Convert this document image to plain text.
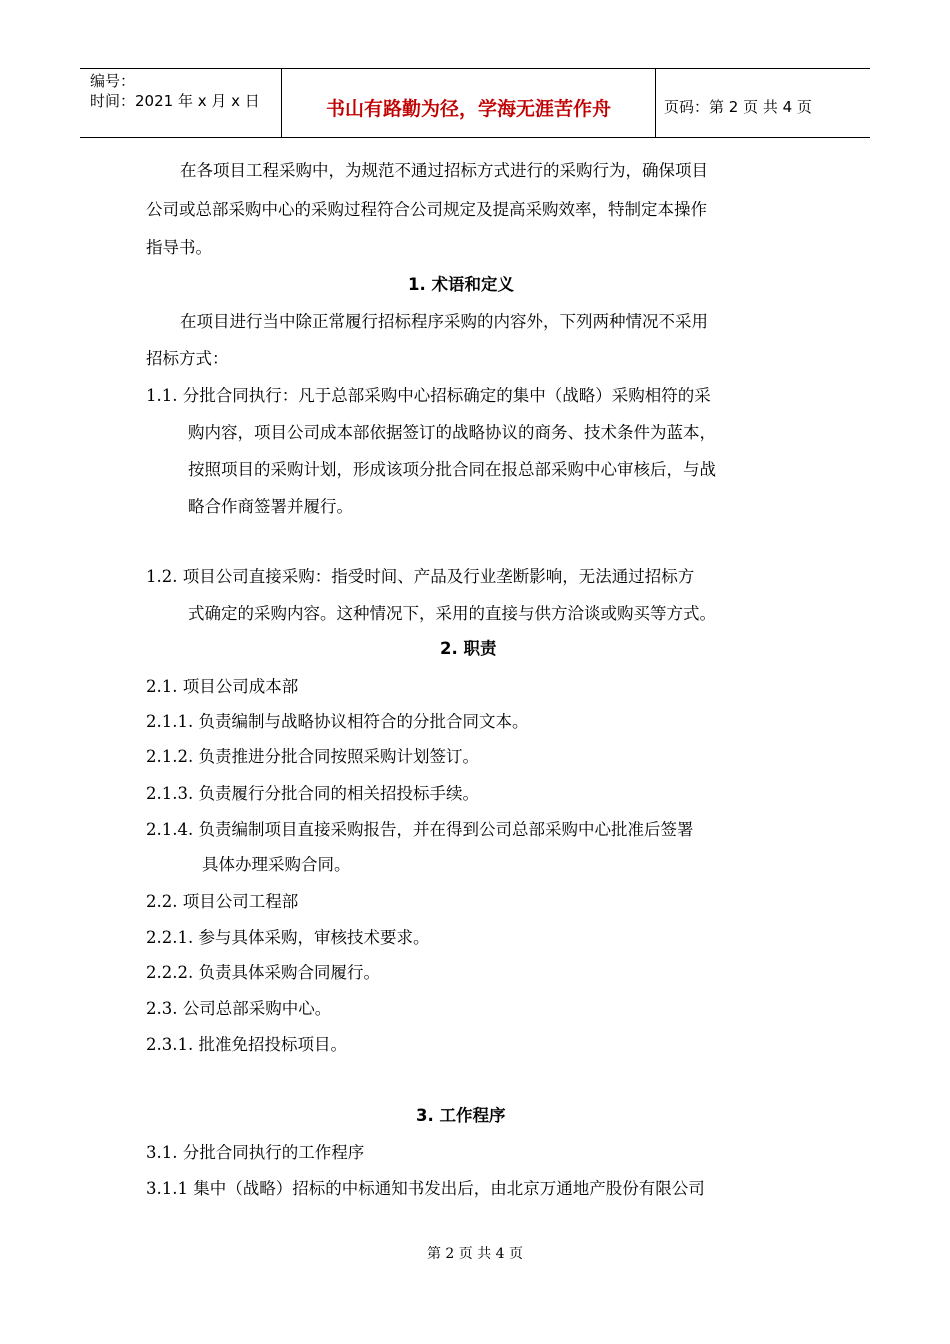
编号：
时间：2021 年 x 月 x 日	书山有路勤为径，学海无涯苦作舟	页码：第 2 页 共 4 页
在各项目工程采购中，为规范不通过招标方式进行的采购行为，确保项目
公司或总部采购中心的采购过程符合公司规定及提高采购效率，特制定本操作
指导书。
1. 术语和定义
在项目进行当中除正常履行招标程序采购的内容外，下列两种情况不采用
招标方式：
1.1. 分批合同执行：凡于总部采购中心招标确定的集中（战略）采购相符的采
购内容，项目公司成本部依据签订的战略协议的商务、技术条件为蓝本，
按照项目的采购计划，形成该项分批合同在报总部采购中心审核后，与战
略合作商签署并履行。
1.2. 项目公司直接采购：指受时间、产品及行业垄断影响，无法通过招标方
式确定的采购内容。这种情况下，采用的直接与供方洽谈或购买等方式。
2. 职责
2.1. 项目公司成本部
2.1.1. 负责编制与战略协议相符合的分批合同文本。
2.1.2. 负责推进分批合同按照采购计划签订。
2.1.3. 负责履行分批合同的相关招投标手续。
2.1.4. 负责编制项目直接采购报告，并在得到公司总部采购中心批准后签署
具体办理采购合同。
2.2. 项目公司工程部
2.2.1. 参与具体采购，审核技术要求。
2.2.2. 负责具体采购合同履行。
2.3. 公司总部采购中心。
2.3.1. 批准免招投标项目。
3. 工作程序
3.1. 分批合同执行的工作程序
3.1.1 集中（战略）招标的中标通知书发出后，由北京万通地产股份有限公司
第 2 页 共 4 页
